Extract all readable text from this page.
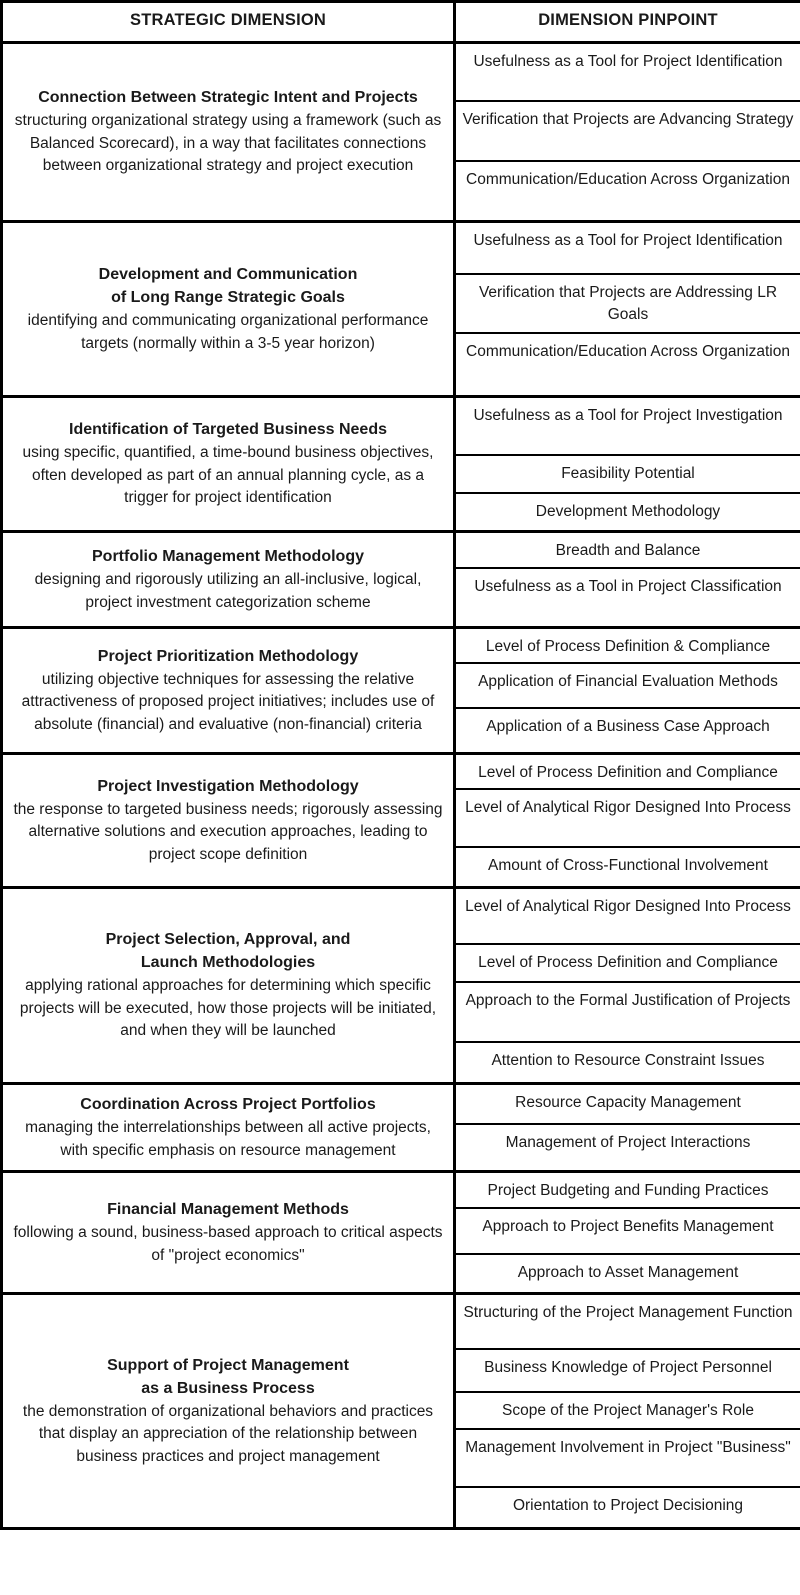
STRATEGIC DIMENSION	DIMENSION PINPOINT

Connection Between Strategic Intent and Projects
structuring organizational strategy using a framework (such as Balanced Scorecard), in a way that facilitates connections between organizational strategy and project execution	Usefulness as a Tool for Project Identification
	Verification that Projects are Advancing Strategy
	Communication/Education Across Organization

Development and Communication
of Long Range Strategic Goals
identifying and communicating organizational performance targets (normally within a 3-5 year horizon)	Usefulness as a Tool for Project Identification
	Verification that Projects are Addressing LR Goals
	Communication/Education Across Organization

Identification of Targeted Business Needs
using specific, quantified, a time-bound business objectives, often developed as part of an annual planning cycle, as a trigger for project identification	Usefulness as a Tool for Project Investigation
	Feasibility Potential
	Development Methodology

Portfolio Management Methodology
designing and rigorously utilizing an all-inclusive, logical, project investment categorization scheme	Breadth and Balance
	Usefulness as a Tool in Project Classification

Project Prioritization Methodology
utilizing objective techniques for assessing the relative attractiveness of proposed project initiatives; includes use of absolute (financial) and evaluative (non-financial) criteria	Level of Process Definition & Compliance
	Application of Financial Evaluation Methods
	Application of a Business Case Approach

Project Investigation Methodology
the response to targeted business needs; rigorously assessing alternative solutions and execution approaches, leading to project scope definition	Level of Process Definition and Compliance
	Level of Analytical Rigor Designed Into Process
	Amount of Cross-Functional Involvement

Project Selection, Approval, and
Launch Methodologies
applying rational approaches for determining which specific projects will be executed, how those projects will be initiated, and when they will be launched	Level of Analytical Rigor Designed Into Process
	Level of Process Definition and Compliance
	Approach to the Formal Justification of Projects
	Attention to Resource Constraint Issues

Coordination Across Project Portfolios
managing the interrelationships between all active projects, with specific emphasis on resource management	Resource Capacity Management
	Management of Project Interactions

Financial Management Methods
following a sound, business-based approach to critical aspects of "project economics"	Project Budgeting and Funding Practices
	Approach to Project Benefits Management
	Approach to Asset Management

Support of Project Management
as a Business Process
the demonstration of organizational behaviors and practices that display an appreciation of the relationship between business practices and project management	Structuring of the Project Management Function
	Business Knowledge of Project Personnel
	Scope of the Project Manager's Role
	Management Involvement in Project "Business"
	Orientation to Project Decisioning
